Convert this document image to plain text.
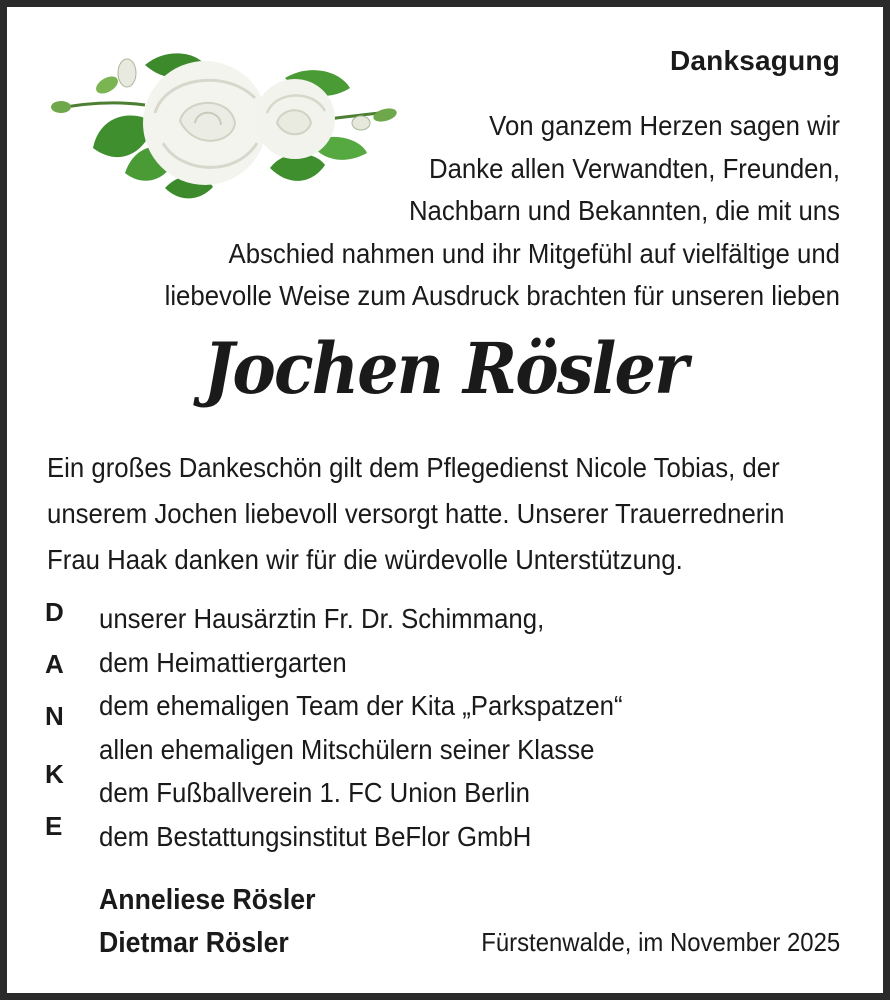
Danksagung
Von ganzem Herzen sagen wir
Danke allen Verwandten, Freunden,
Nachbarn und Bekannten, die mit uns
Abschied nahmen und ihr Mitgefühl auf vielfältige und
liebevolle Weise zum Ausdruck brachten für unseren lieben
Jochen Rösler
Ein großes Dankeschön gilt dem Pflegedienst Nicole Tobias, der
unserem Jochen liebevoll versorgt hatte. Unserer Trauerrednerin
Frau Haak danken wir für die würdevolle Unterstützung.
D
A
N
K
E
unserer Hausärztin Fr. Dr. Schimmang,
dem Heimattiergarten
dem ehemaligen Team der Kita „Parkspatzen“
allen ehemaligen Mitschülern seiner Klasse
dem Fußballverein 1. FC Union Berlin
dem Bestattungsinstitut BeFlor GmbH
Anneliese Rösler
Dietmar Rösler	Fürstenwalde, im November 2025
